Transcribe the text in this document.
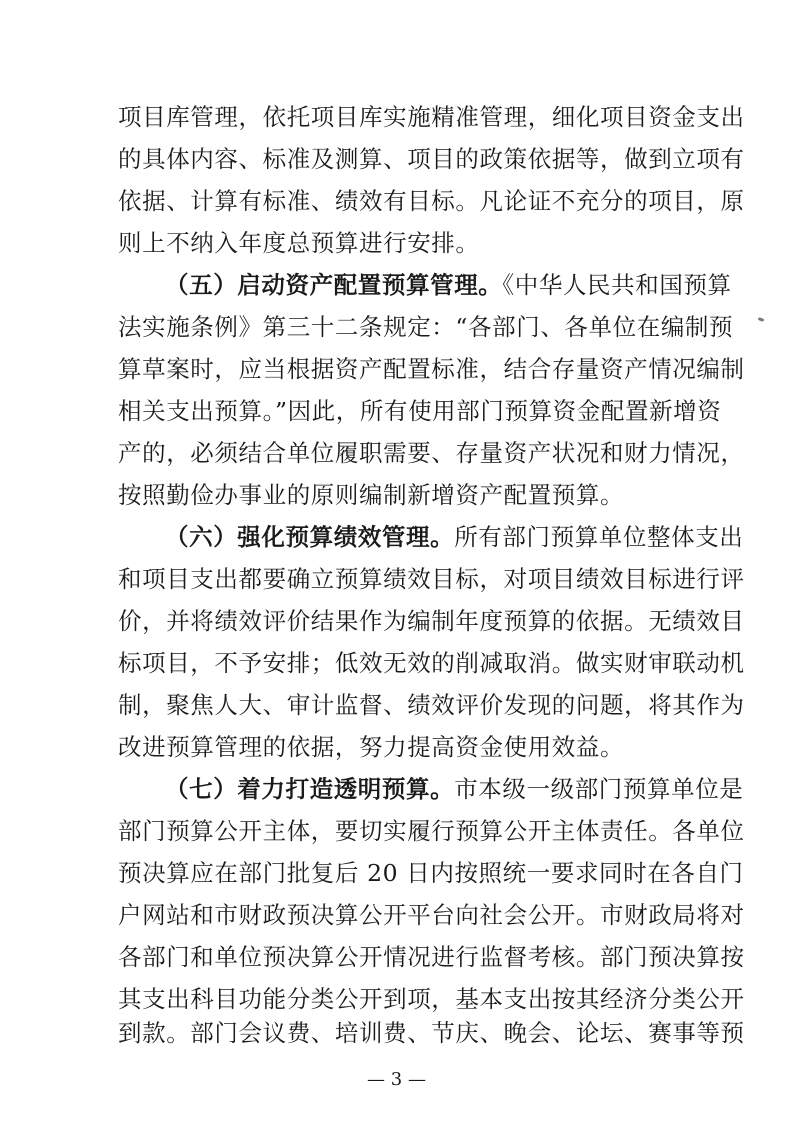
项目库管理，依托项目库实施精准管理，细化项目资金支出
的具体内容、标准及测算、项目的政策依据等，做到立项有
依据、计算有标准、绩效有目标。凡论证不充分的项目，原
则上不纳入年度总预算进行安排。
（五）启动资产配置预算管理。《中华人民共和国预算
法实施条例》第三十二条规定：“各部门、各单位在编制预
算草案时，应当根据资产配置标准，结合存量资产情况编制
相关支出预算。”因此，所有使用部门预算资金配置新增资
产的，必须结合单位履职需要、存量资产状况和财力情况，
按照勤俭办事业的原则编制新增资产配置预算。
（六）强化预算绩效管理。所有部门预算单位整体支出
和项目支出都要确立预算绩效目标，对项目绩效目标进行评
价，并将绩效评价结果作为编制年度预算的依据。无绩效目
标项目，不予安排；低效无效的削减取消。做实财审联动机
制，聚焦人大、审计监督、绩效评价发现的问题，将其作为
改进预算管理的依据，努力提高资金使用效益。
（七）着力打造透明预算。市本级一级部门预算单位是
部门预算公开主体，要切实履行预算公开主体责任。各单位
预决算应在部门批复后 20 日内按照统一要求同时在各自门
户网站和市财政预决算公开平台向社会公开。市财政局将对
各部门和单位预决算公开情况进行监督考核。部门预决算按
其支出科目功能分类公开到项，基本支出按其经济分类公开
— 3 —
到款。部门会议费、培训费、节庆、晚会、论坛、赛事等预
